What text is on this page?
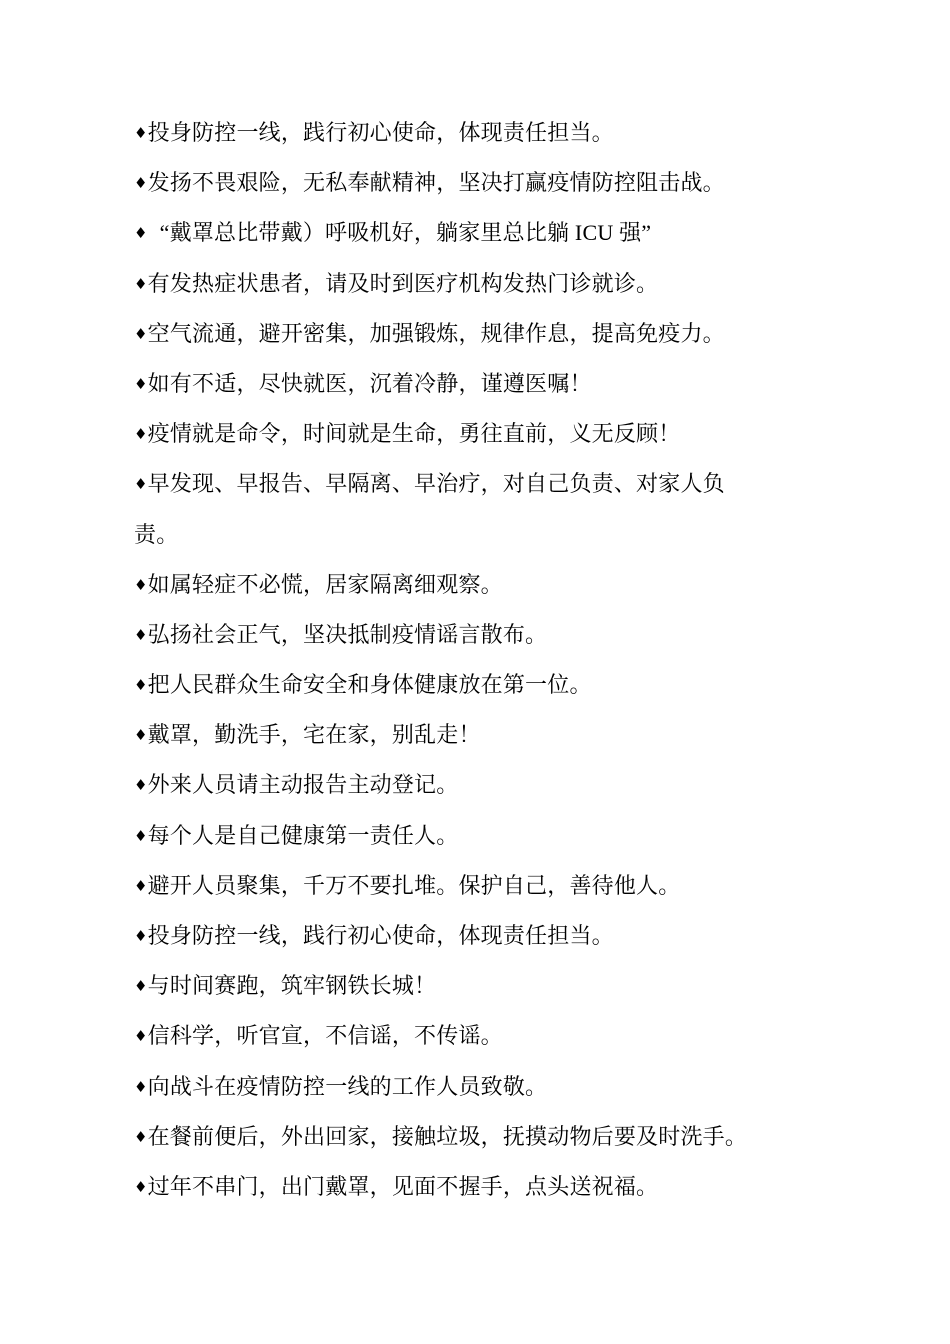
♦投身防控一线，践行初心使命，体现责任担当。
♦发扬不畏艰险，无私奉献精神，坚决打赢疫情防控阻击战。
♦ “戴罩总比带戴）呼吸机好，躺家里总比躺 ICU 强”
♦有发热症状患者，请及时到医疗机构发热门诊就诊。
♦空气流通，避开密集，加强锻炼，规律作息，提高免疫力。
♦如有不适，尽快就医，沉着冷静，谨遵医嘱！
♦疫情就是命令，时间就是生命，勇往直前，义无反顾！
♦早发现、早报告、早隔离、早治疗，对自己负责、对家人负
责。
♦如属轻症不必慌，居家隔离细观察。
♦弘扬社会正气，坚决抵制疫情谣言散布。
♦把人民群众生命安全和身体健康放在第一位。
♦戴罩，勤洗手，宅在家，别乱走！
♦外来人员请主动报告主动登记。
♦每个人是自己健康第一责任人。
♦避开人员聚集，千万不要扎堆。保护自己，善待他人。
♦投身防控一线，践行初心使命，体现责任担当。
♦与时间赛跑，筑牢钢铁长城！
♦信科学，听官宣，不信谣，不传谣。
♦向战斗在疫情防控一线的工作人员致敬。
♦在餐前便后，外出回家，接触垃圾，抚摸动物后要及时洗手。
♦过年不串门，出门戴罩，见面不握手，点头送祝福。
